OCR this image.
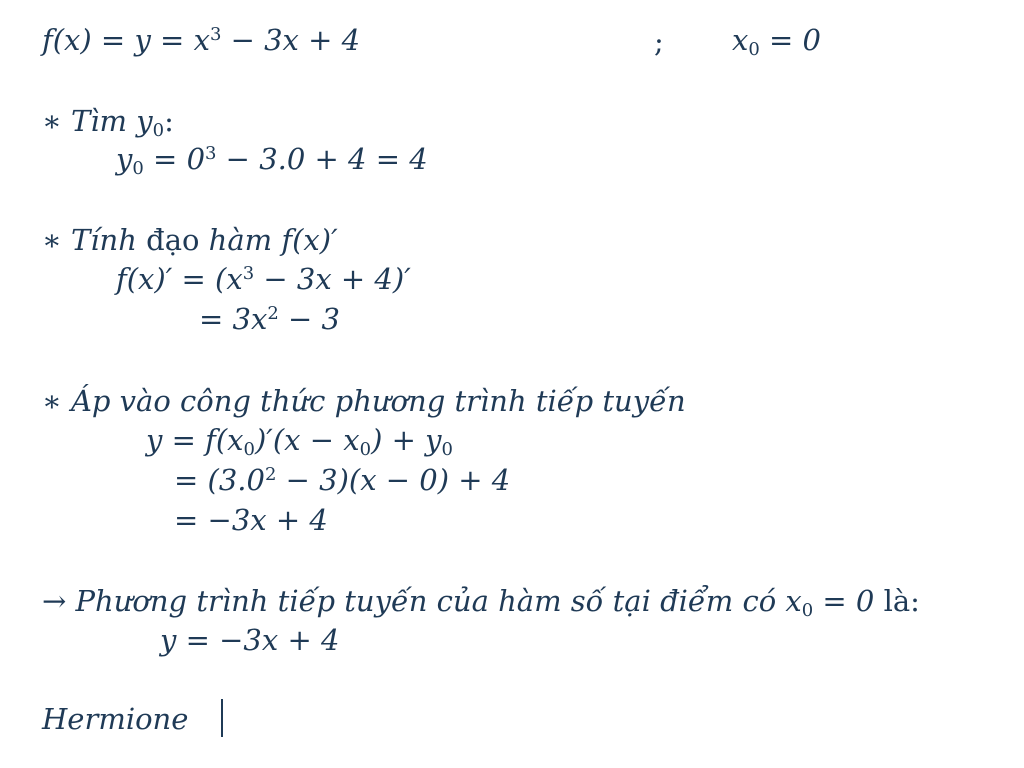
$f(x) = y = x^3 - 3x + 4$	; $x_0 = 0$
∗ Tìm $y_0$:
$y_0 = 0^3 - 3.0 + 4 = 4$
∗ Tính đạo hàm f(x)′
$f(x)' = (x^3 - 3x + 4)'$
= $3x^2 - 3$
∗ Áp vào công thức phương trình tiếp tuyến
$y = f(x_0)'(x - x_0) + y_0$
= $(3.0^2 - 3)(x - 0) + 4$
= −3x + 4
→ Phương trình tiếp tuyến của hàm số tại điểm có $x_0 = 0$ là:
y = −3x + 4
Hermione
